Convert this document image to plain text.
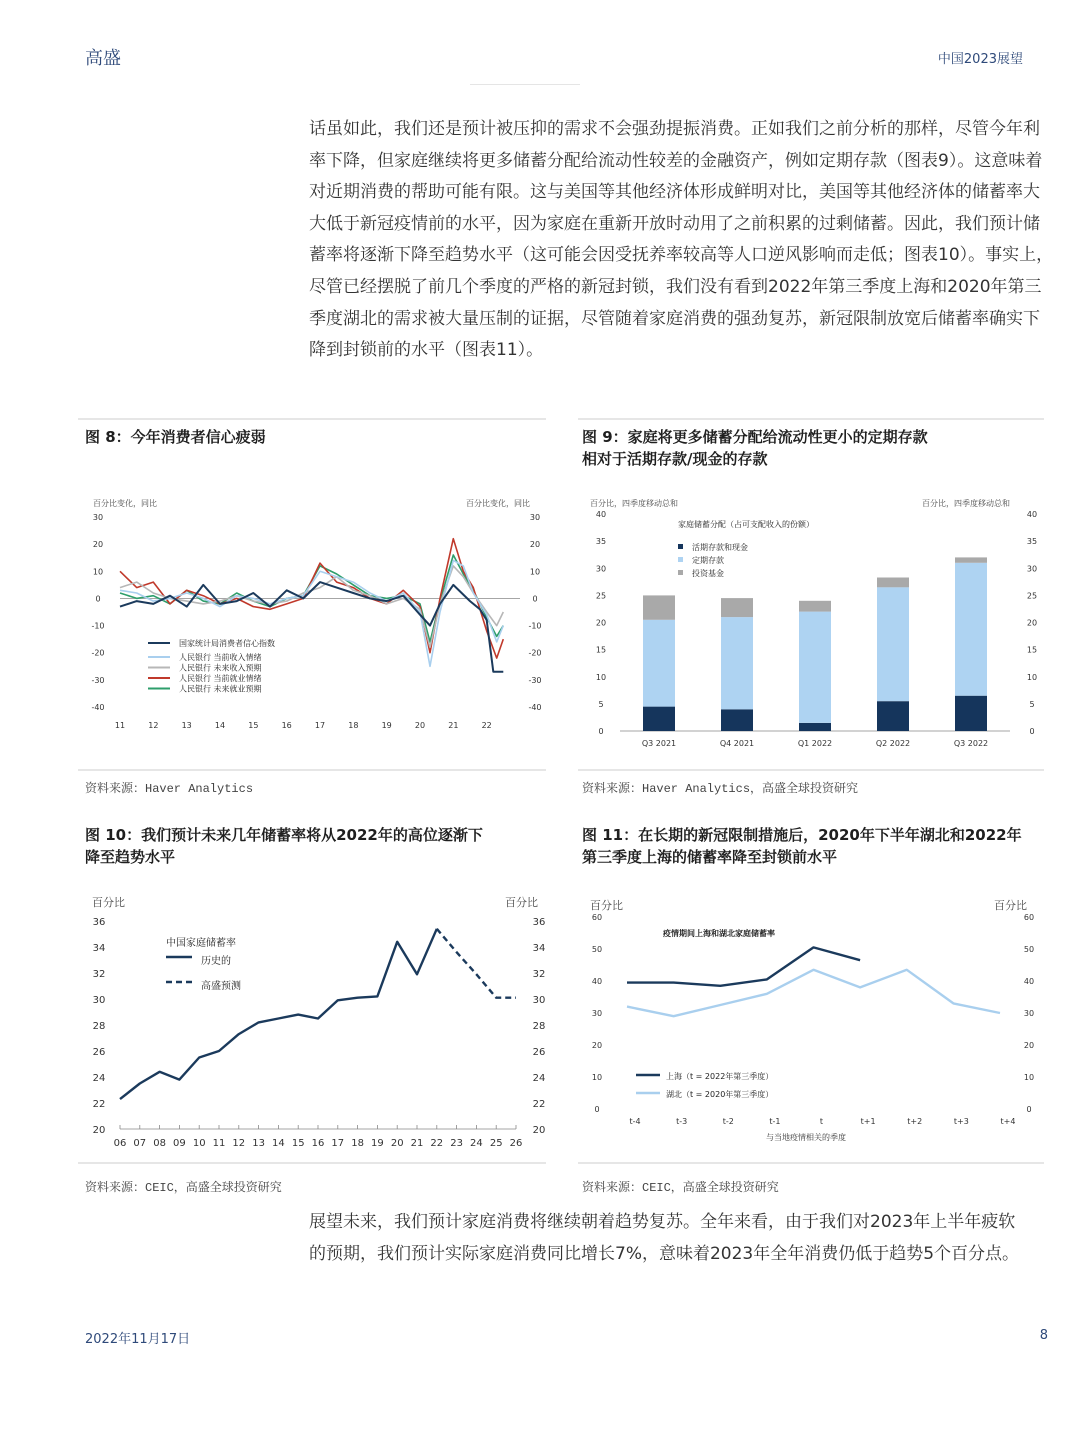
高盛	中国2023展望
话虽如此，我们还是预计被压抑的需求不会强劲提振消费。正如我们之前分析的那样，尽管今年利率下降，但家庭继续将更多储蓄分配给流动性较差的金融资产，例如定期存款（图表9）。这意味着对近期消费的帮助可能有限。这与美国等其他经济体形成鲜明对比，美国等其他经济体的储蓄率大大低于新冠疫情前的水平，因为家庭在重新开放时动用了之前积累的过剩储蓄。因此，我们预计储蓄率将逐渐下降至趋势水平（这可能会因受抚养率较高等人口逆风影响而走低；图表10）。事实上，尽管已经摆脱了前几个季度的严格的新冠封锁，我们没有看到2022年第三季度上海和2020年第三季度湖北的需求被大量压制的证据，尽管随着家庭消费的强劲复苏，新冠限制放宽后储蓄率确实下降到封锁前的水平（图表11）。
图 8：今年消费者信心疲弱	图 9：家庭将更多储蓄分配给流动性更小的定期存款
相对于活期存款/现金的存款
百分比变化，同比	百分比变化，同比
30	30
20	20
10	10
0	0
-10	-10
-20	-20
-30	-30
-40	-40
11	12	13	14	15	16	17	18	19	20	21	22
国家统计局消费者信心指数
人民银行 当前收入情绪
人民银行 未来收入预期
人民银行 当前就业情绪
人民银行 未来就业预期
百分比，四季度移动总和	百分比，四季度移动总和
家庭储蓄分配（占可支配收入的份额）
40	40
35	35
30	30
25	25
20	20
15	15
10	10
5	5
0	0
Q3 2021	Q4 2021	Q1 2022	Q2 2022	Q3 2022
活期存款和现金
定期存款
投资基金
资料来源：Haver Analytics	资料来源：Haver Analytics，高盛全球投资研究
图 10：我们预计未来几年储蓄率将从2022年的高位逐渐下
降至趋势水平
图 11：在长期的新冠限制措施后，2020年下半年湖北和2022年
第三季度上海的储蓄率降至封锁前水平
百分比	百分比
中国家庭储蓄率
36	36
34	34
32	32
30	30
28	28
26	26
24	24
22	22
20	20
06 07 08 09 10 11 12 13 14 15 16 17 18 19 20 21 22 23 24 25 26
历史的
高盛预测
百分比	百分比
疫情期间上海和湖北家庭储蓄率
与当地疫情相关的季度
60	60
50	50
40	40
30	30
20	20
10	10
0	0
t-4	t-3	t-2	t-1	t	t+1	t+2	t+3	t+4
上海（t = 2022年第三季度）
湖北（t = 2020年第三季度）
资料来源：CEIC，高盛全球投资研究	资料来源：CEIC，高盛全球投资研究
展望未来，我们预计家庭消费将继续朝着趋势复苏。全年来看，由于我们对2023年上半年疲软的预期，我们预计实际家庭消费同比增长7%，意味着2023年全年消费仍低于趋势5个百分点。
2022年11月17日	8
